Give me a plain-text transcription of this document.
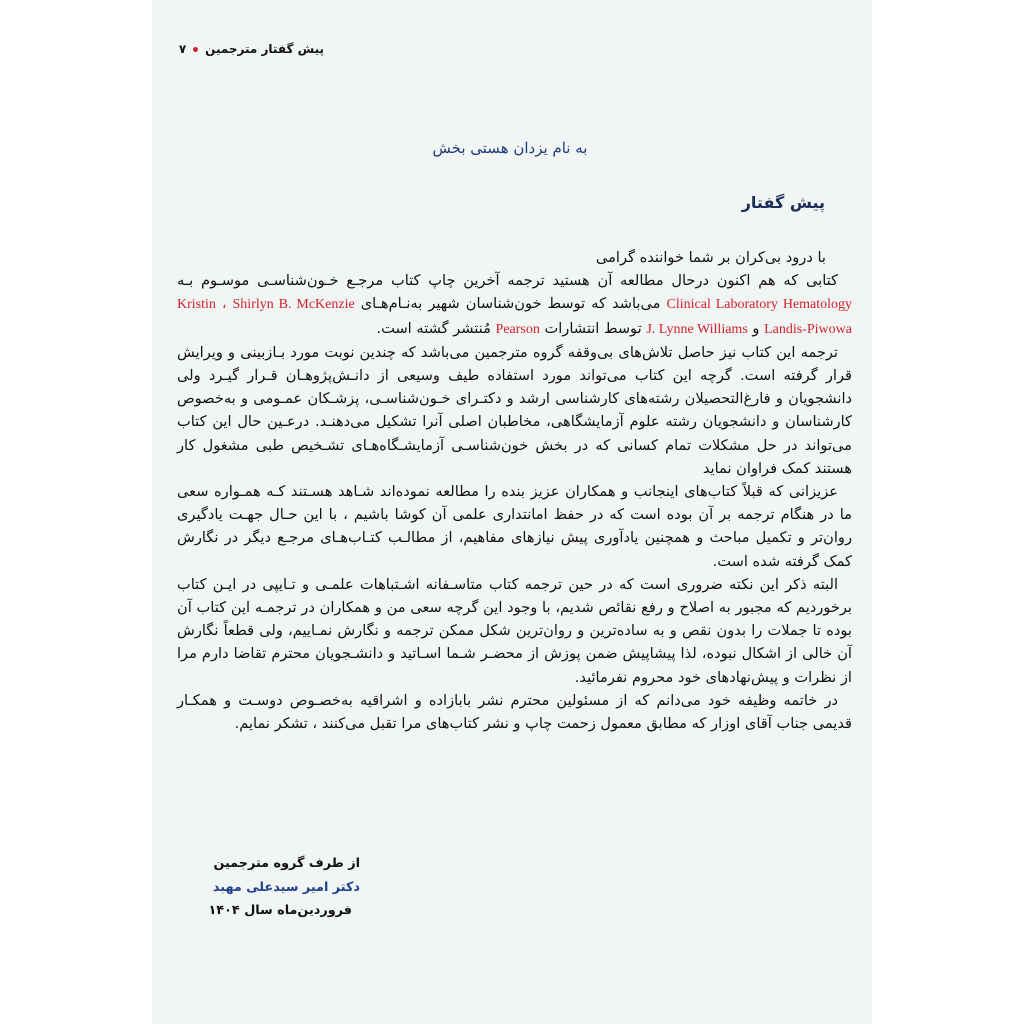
پیش گفتار مترجمین
۷
به نام یزدان هستی بخش
پیش گفتار

با درود بی‌کران بر شما خواننده گرامی

کتابی که هم اکنون درحال مطالعه آن هستید ترجمه آخرین چاپ کتاب مرجـع خـون‌شناسـی موسـوم بـه Clinical Laboratory Hematology می‌باشد که توسط خون‌شناسان شهیر به‌نـام‌هـای Shirlyn B. McKenzie ، Kristin Landis-Piwowa و J. Lynne Williams توسط انتشارات Pearson مُنتشر گشته است.

ترجمه این کتاب نیز حاصل تلاش‌های بی‌وقفه گروه مترجمین می‌باشد که چندین نوبت مورد بـازبینی و ویرایش قرار گرفته است. گرچه این کتاب می‌تواند مورد استفاده طیف وسیعی از دانـش‌پژوهـان قـرار گیـرد ولی دانشجویان و فارغ‌التحصیلان رشته‌های کارشناسی ارشد و دکتـرای خـون‌شناسـی، پزشـکان عمـومی و به‌خصوص کارشناسان و دانشجویان رشته علوم آزمایشگاهی، مخاطبان اصلی آنرا تشکیل می‌دهنـد. درعـین حال این کتاب می‌تواند در حل مشکلات تمام کسانی که در بخش خون‌شناسـی آزمایشـگاه‌هـای تشـخیص طبی مشغول کار هستند کمک فراوان نماید

عزیزانی که قبلاً کتاب‌های اینجانب و همکاران عزیز بنده را مطالعه نموده‌اند شـاهد هسـتند کـه همـواره سعی ما در هنگام ترجمه بر آن بوده است که در حفظ امانتداری علمی آن کوشا باشیم ، با این حـال جهـت یادگیری روان‌تر و تکمیل مباحث و همچنین یادآوری پیش نیازهای مفاهیم، از مطالـب کتـاب‌هـای مرجـع دیگر در نگارش کمک گرفته شده است.

البته ذکر این نکته ضروری است که در حین ترجمه کتاب متاسـفانه اشـتباهات علمـی و تـایپی در ایـن کتاب برخوردیم که مجبور به اصلاح و رفع نقائص شدیم، با وجود این گرچه سعی من و همکاران در ترجمـه این کتاب آن بوده تا جملات را بدون نقص و به ساده‌ترین و روان‌ترین شکل ممکن ترجمه و نگارش نمـاییم، ولی قطعاً نگارش آن خالی از اشکال نبوده، لذا پیشاپیش ضمن پوزش از محضـر شـما اسـاتید و دانشـجویان محترم تقاضا دارم مرا از نظرات و پیش‌نهادهای خود محروم نفرمائید.

در خاتمه وظیفه خود می‌دانم که از مسئولین محترم نشر بابازاده و اشراقیه به‌خصـوص دوسـت و همکـار قدیمی جناب آقای اوزار که مطابق معمول زحمت چاپ و نشر کتاب‌های مرا تقبل می‌کنند ، تشکر نمایم.

از طرف گروه مترجمین
دکتر امیر سیدعلی مهبد
فروردین‌ماه سال ۱۴۰۴
